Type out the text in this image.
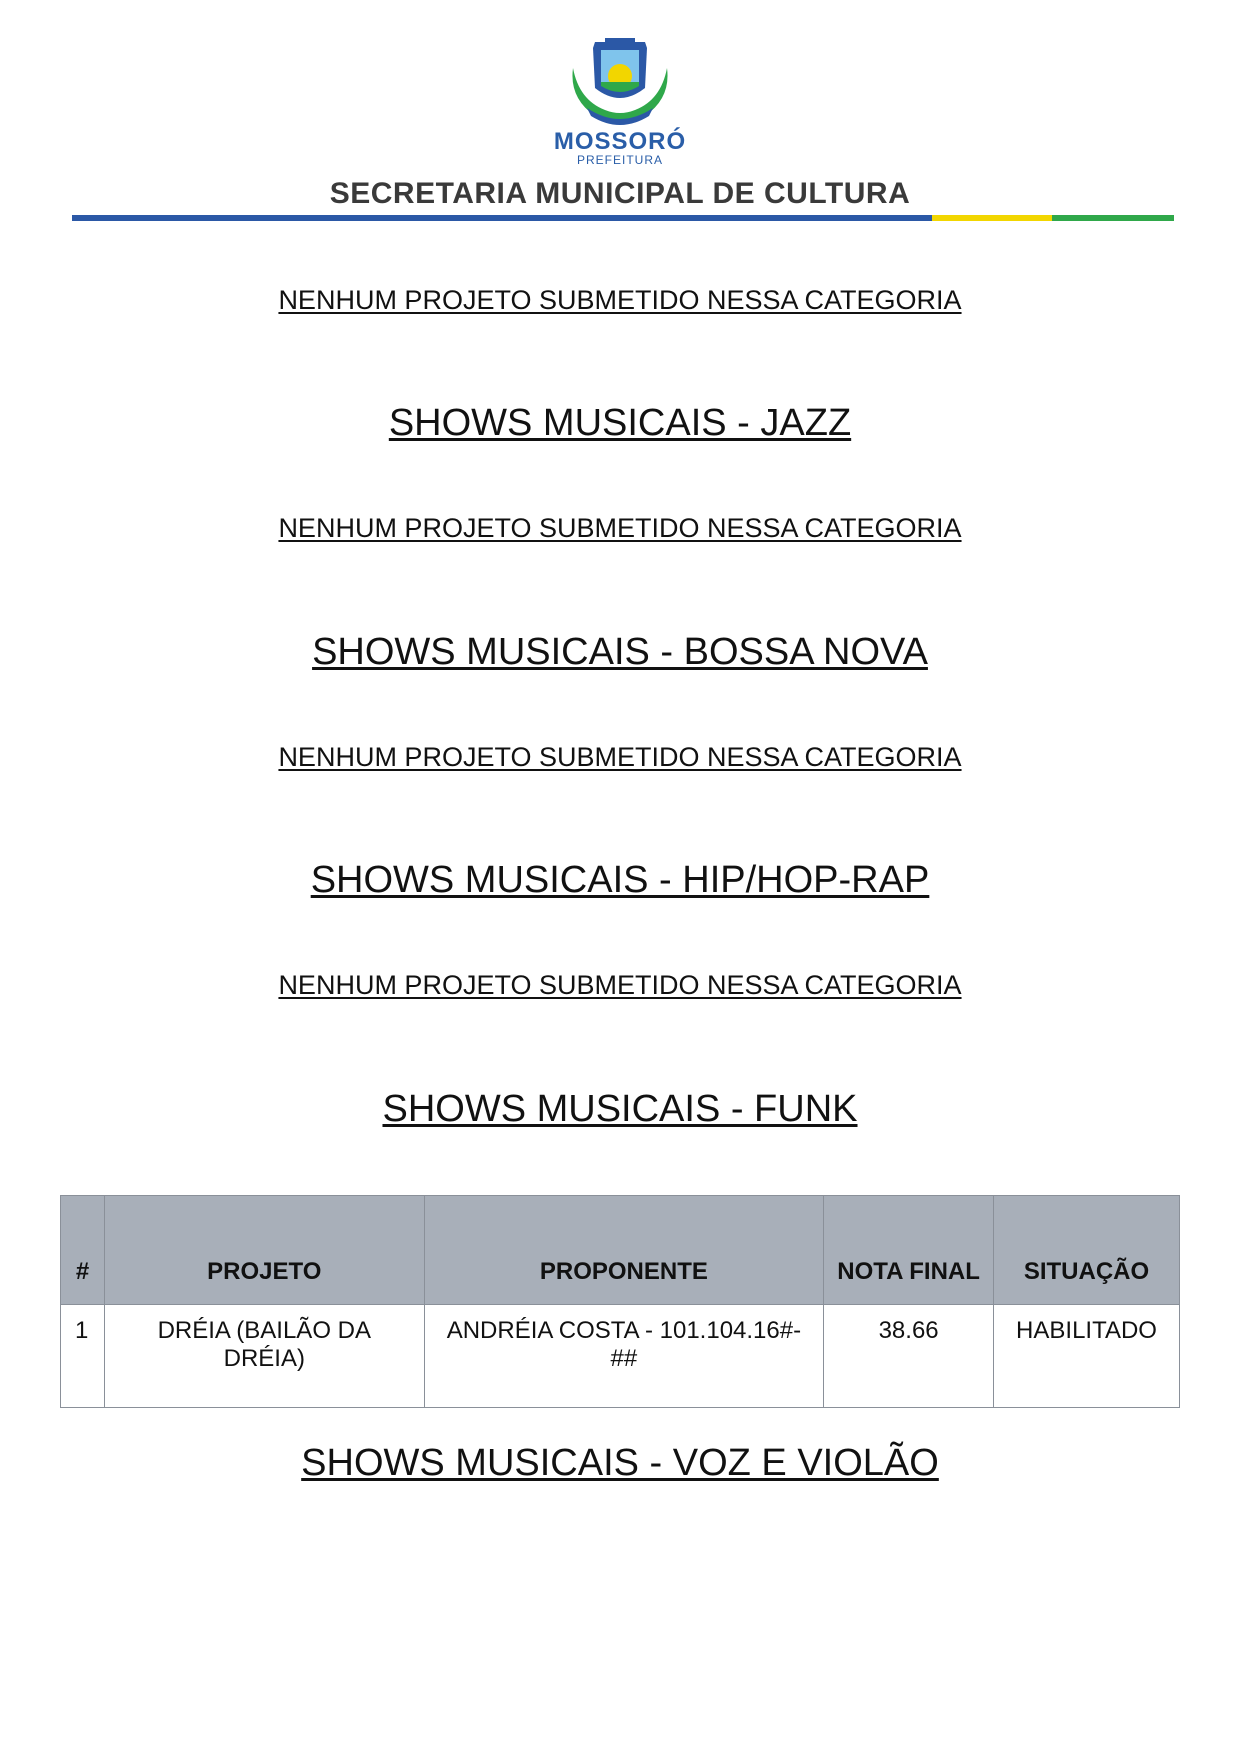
MOSSORÓ
PREFEITURA
SECRETARIA MUNICIPAL DE CULTURA
NENHUM PROJETO SUBMETIDO NESSA CATEGORIA
SHOWS MUSICAIS - JAZZ
NENHUM PROJETO SUBMETIDO NESSA CATEGORIA
SHOWS MUSICAIS - BOSSA NOVA
NENHUM PROJETO SUBMETIDO NESSA CATEGORIA
SHOWS MUSICAIS - HIP/HOP-RAP
NENHUM PROJETO SUBMETIDO NESSA CATEGORIA
SHOWS MUSICAIS - FUNK
#	PROJETO	PROPONENTE	NOTA FINAL	SITUAÇÃO
1	DRÉIA (BAILÃO DA DRÉIA)	ANDRÉIA COSTA - 101.104.16#-##	38.66	HABILITADO
SHOWS MUSICAIS - VOZ E VIOLÃO
